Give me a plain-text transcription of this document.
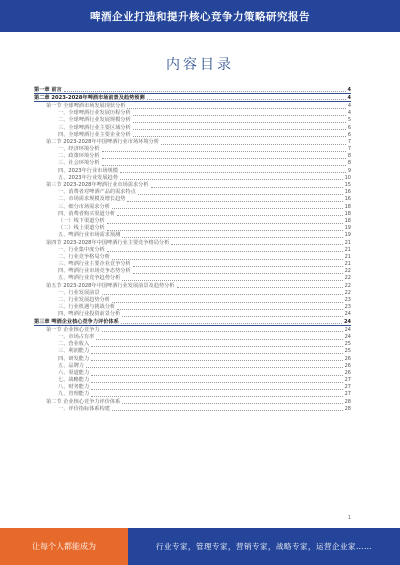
啤酒企业打造和提升核心竞争力策略研究报告
内容目录
第一章 前言	4
第二章 2023-2028年啤酒市场前景及趋势预测	4
第一节 全球啤酒市场发展现状分析	4
一、全球啤酒行业发展历程分析	4
二、全球啤酒行业发展规模分析	5
三、全球啤酒行业主要区域分析	6
四、全球啤酒行业主要企业分析	6
第二节 2023-2028年中国啤酒行业市场环境分析	7
一、经济环境分析	7
二、政策环境分析	8
三、社会环境分析	8
四、2023年行业市场规模	9
五、2023年行业发展趋势	10
第三节 2023-2028年啤酒行业市场需求分析	15
一、消费者对啤酒产品的需求特点	16
二、市场需求规模及增长趋势	16
三、细分市场需求分析	18
四、消费者购买渠道分析	18
（一）线下渠道分析	18
（二）线上渠道分析	19
五、啤酒行业市场需求预测	19
第四节 2023-2028年中国啤酒行业主要竞争格局分析	21
一、行业集中度分析	21
二、行业竞争格局分析	21
三、啤酒行业主要企业竞争分析	21
四、啤酒行业市场竞争态势分析	22
五、啤酒行业竞争趋势分析	22
第五节 2023-2028年中国啤酒行业发展前景及趋势分析	22
一、行业发展前景	22
二、行业发展趋势分析	23
三、行业机遇与挑战分析	23
四、啤酒行业投资前景分析	24
第三章 啤酒企业核心竞争力评价体系	24
第一节 企业核心竞争力	24
一、市场占有率	24
二、营业收入	25
三、利润能力	25
四、研发能力	26
五、品牌力	26
六、渠道能力	26
七、战略能力	27
八、财务能力	27
九、管理能力	27
第二节 企业核心竞争力评价体系	28
一、评价指标体系构建	28
1
让每个人都能成为	行业专家，管理专家，营销专家，战略专家，运营企业家……
